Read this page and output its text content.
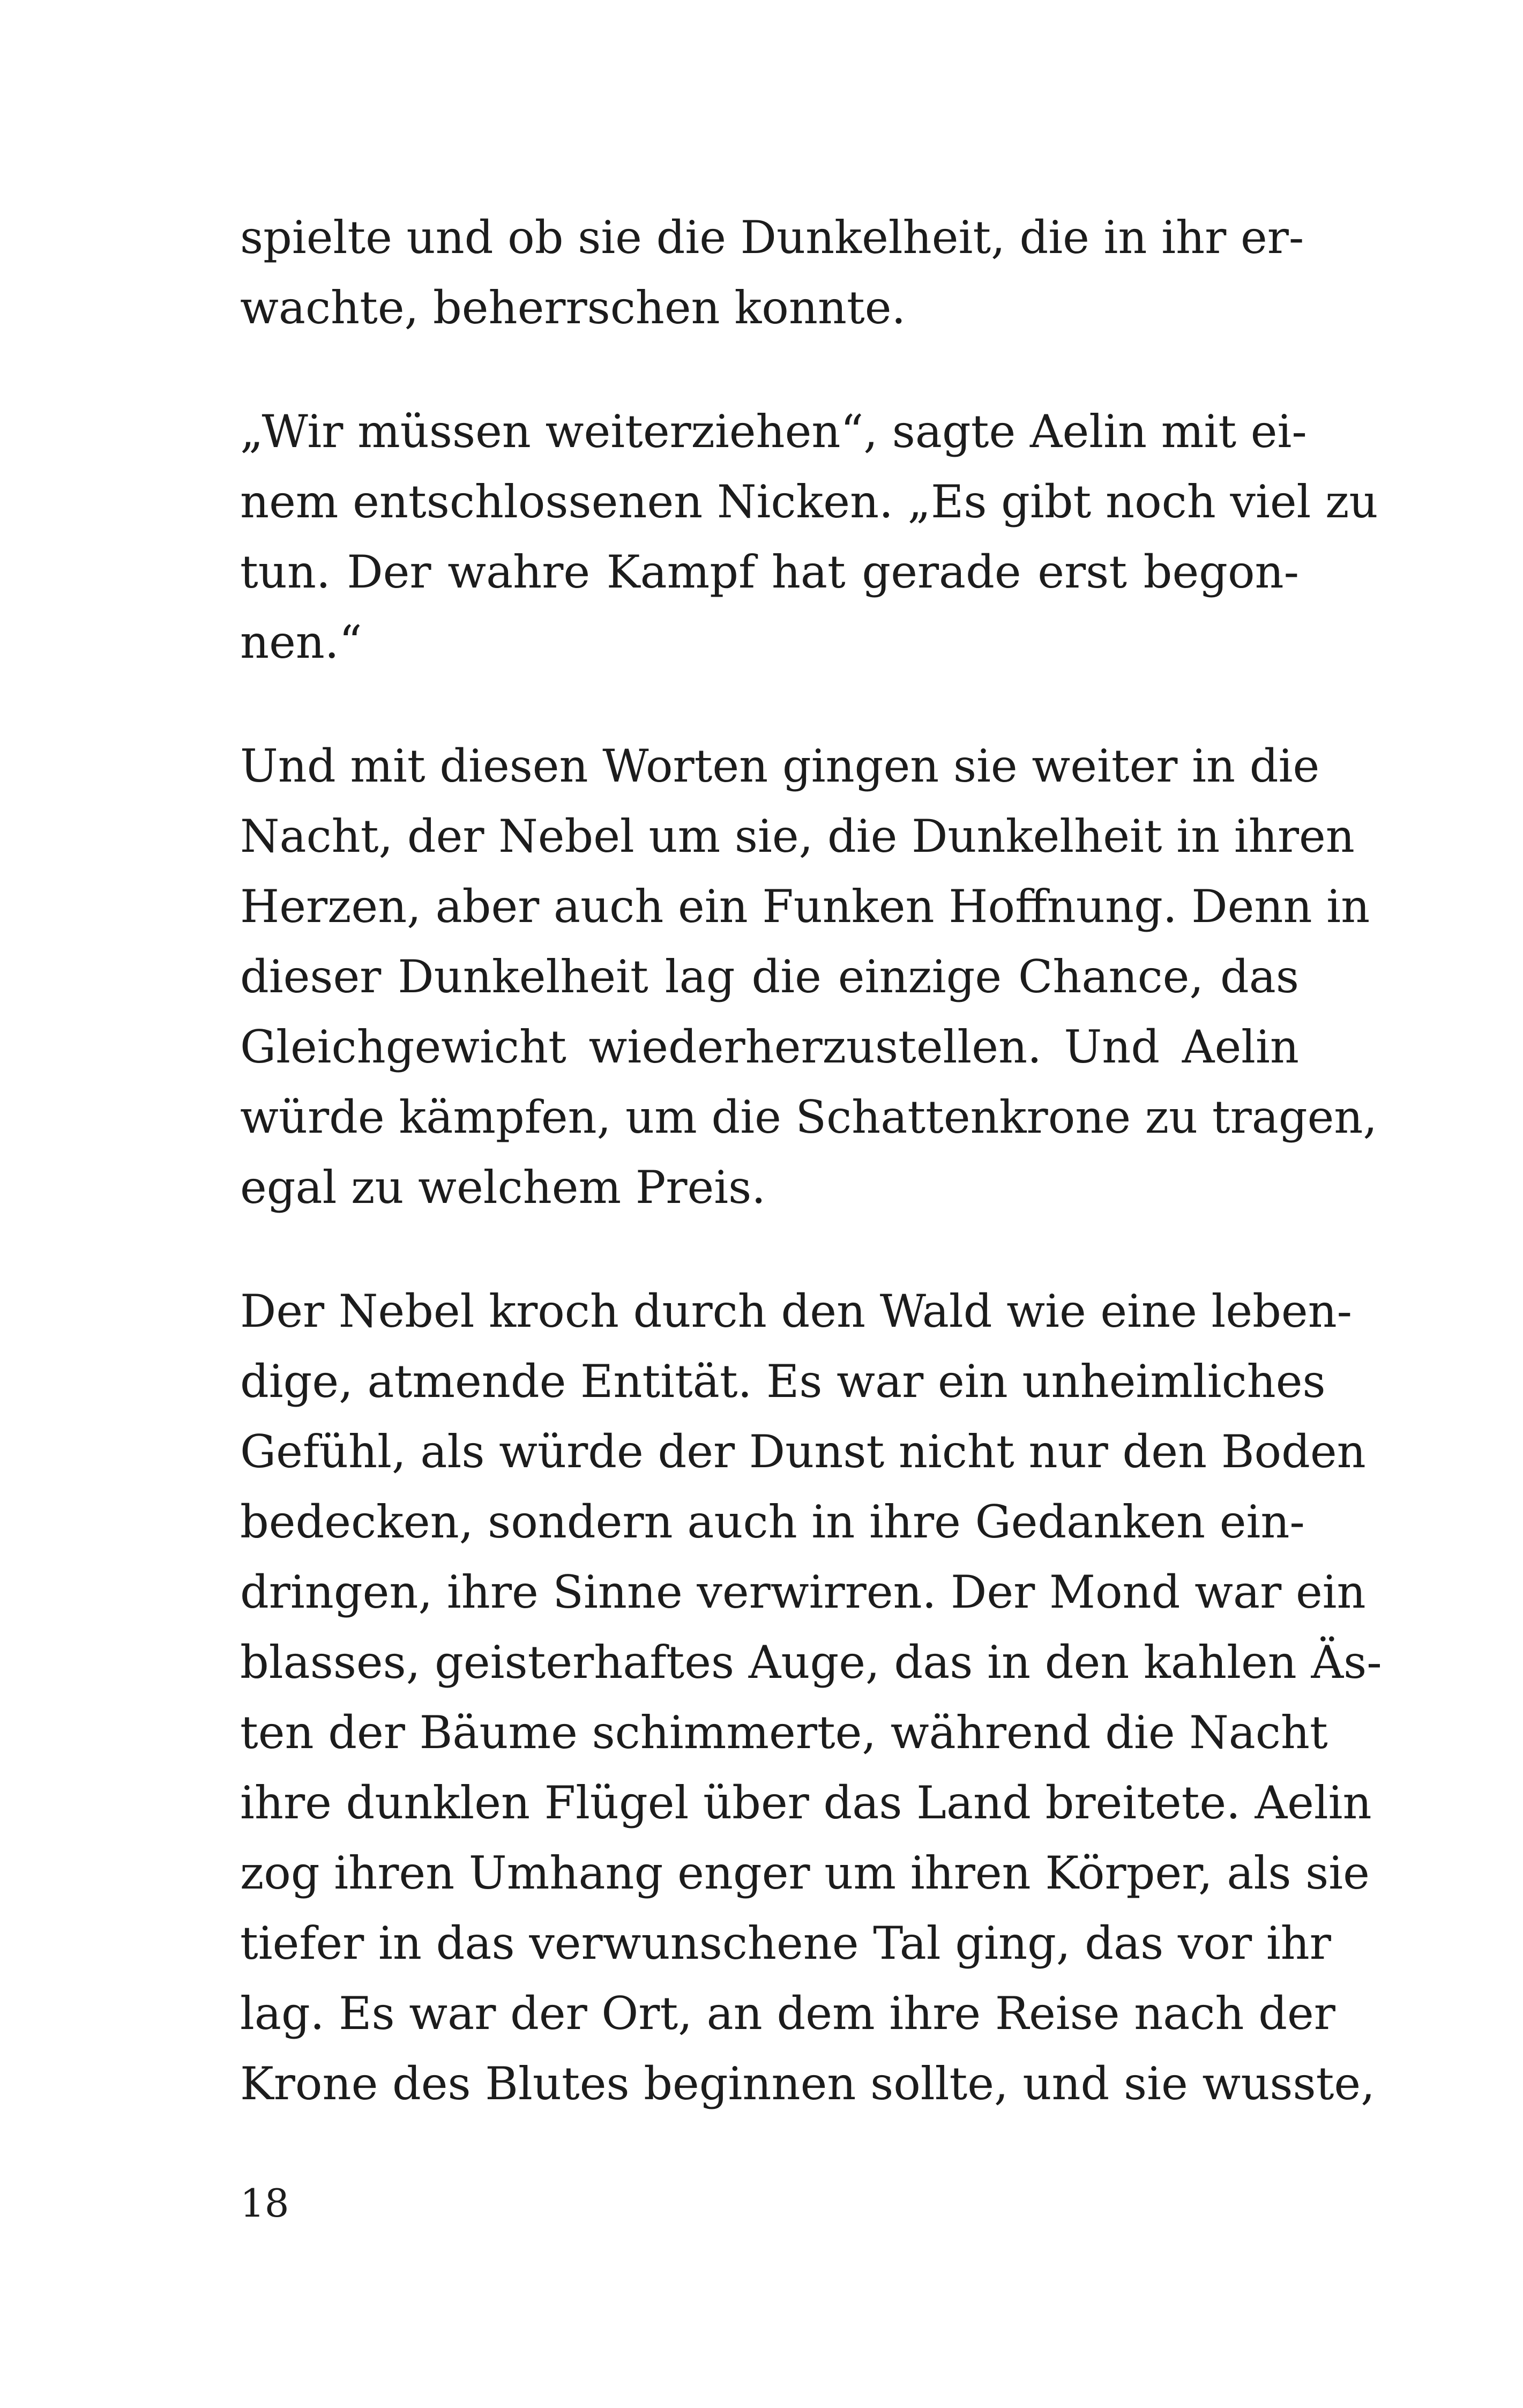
spielte und ob sie die Dunkelheit, die in ihr er-
wachte, beherrschen konnte.

„Wir müssen weiterziehen“, sagte Aelin mit ei-
nem entschlossenen Nicken. „Es gibt noch viel zu
tun. Der wahre Kampf hat gerade erst begon-
nen.“

Und mit diesen Worten gingen sie weiter in die
Nacht, der Nebel um sie, die Dunkelheit in ihren
Herzen, aber auch ein Funken Hoffnung. Denn in
dieser Dunkelheit lag die einzige Chance, das
Gleichgewicht wiederherzustellen. Und Aelin
würde kämpfen, um die Schattenkrone zu tragen,
egal zu welchem Preis.

Der Nebel kroch durch den Wald wie eine leben-
dige, atmende Entität. Es war ein unheimliches
Gefühl, als würde der Dunst nicht nur den Boden
bedecken, sondern auch in ihre Gedanken ein-
dringen, ihre Sinne verwirren. Der Mond war ein
blasses, geisterhaftes Auge, das in den kahlen Äs-
ten der Bäume schimmerte, während die Nacht
ihre dunklen Flügel über das Land breitete. Aelin
zog ihren Umhang enger um ihren Körper, als sie
tiefer in das verwunschene Tal ging, das vor ihr
lag. Es war der Ort, an dem ihre Reise nach der
Krone des Blutes beginnen sollte, und sie wusste,

18
